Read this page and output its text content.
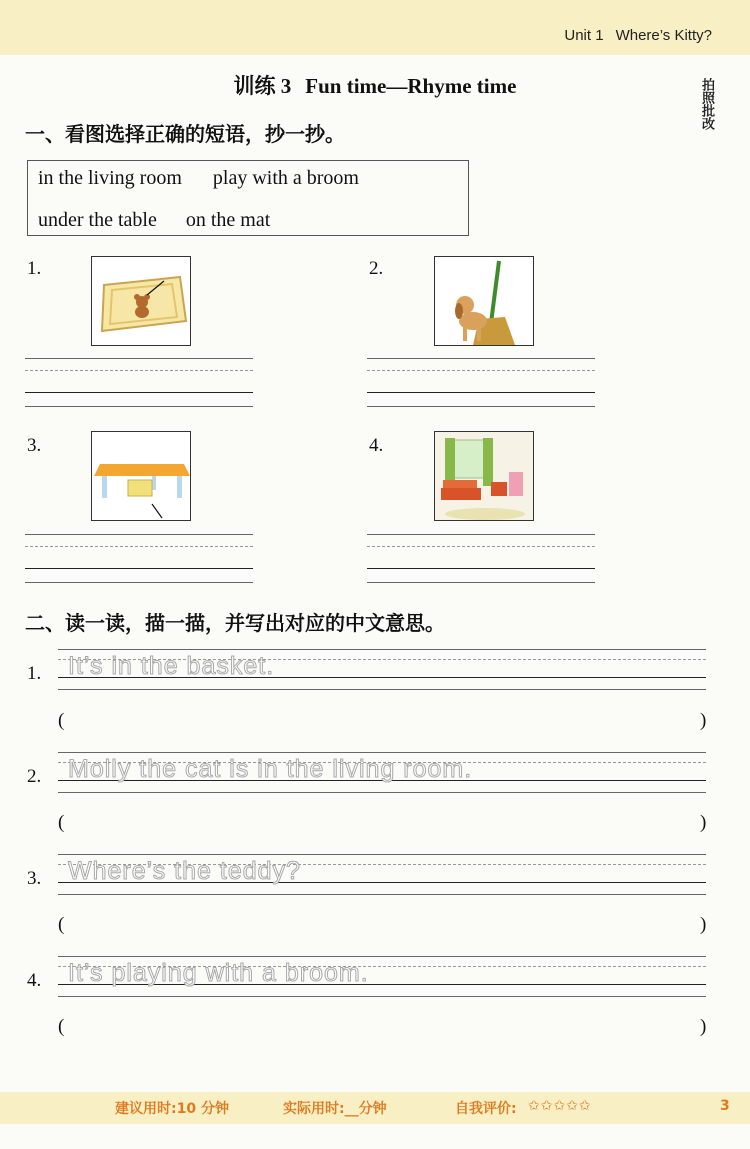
Unit 1 Where’s Kitty?
训练 3 Fun time—Rhyme time	拍照批改
一、看图选择正确的短语，抄一抄。
in the living room play with a broom
under the table on the mat
1.	2.
3.	4.
二、读一读，描一描，并写出对应的中文意思。
1. It’s in the basket.
(	)
2. Molly the cat is in the living room.
(	)
3. Where’s the teddy?
(	)
4. It’s playing with a broom.
(	)
建议用时:10 分钟	实际用时:__分钟	自我评价: ✩✩✩✩✩	3
